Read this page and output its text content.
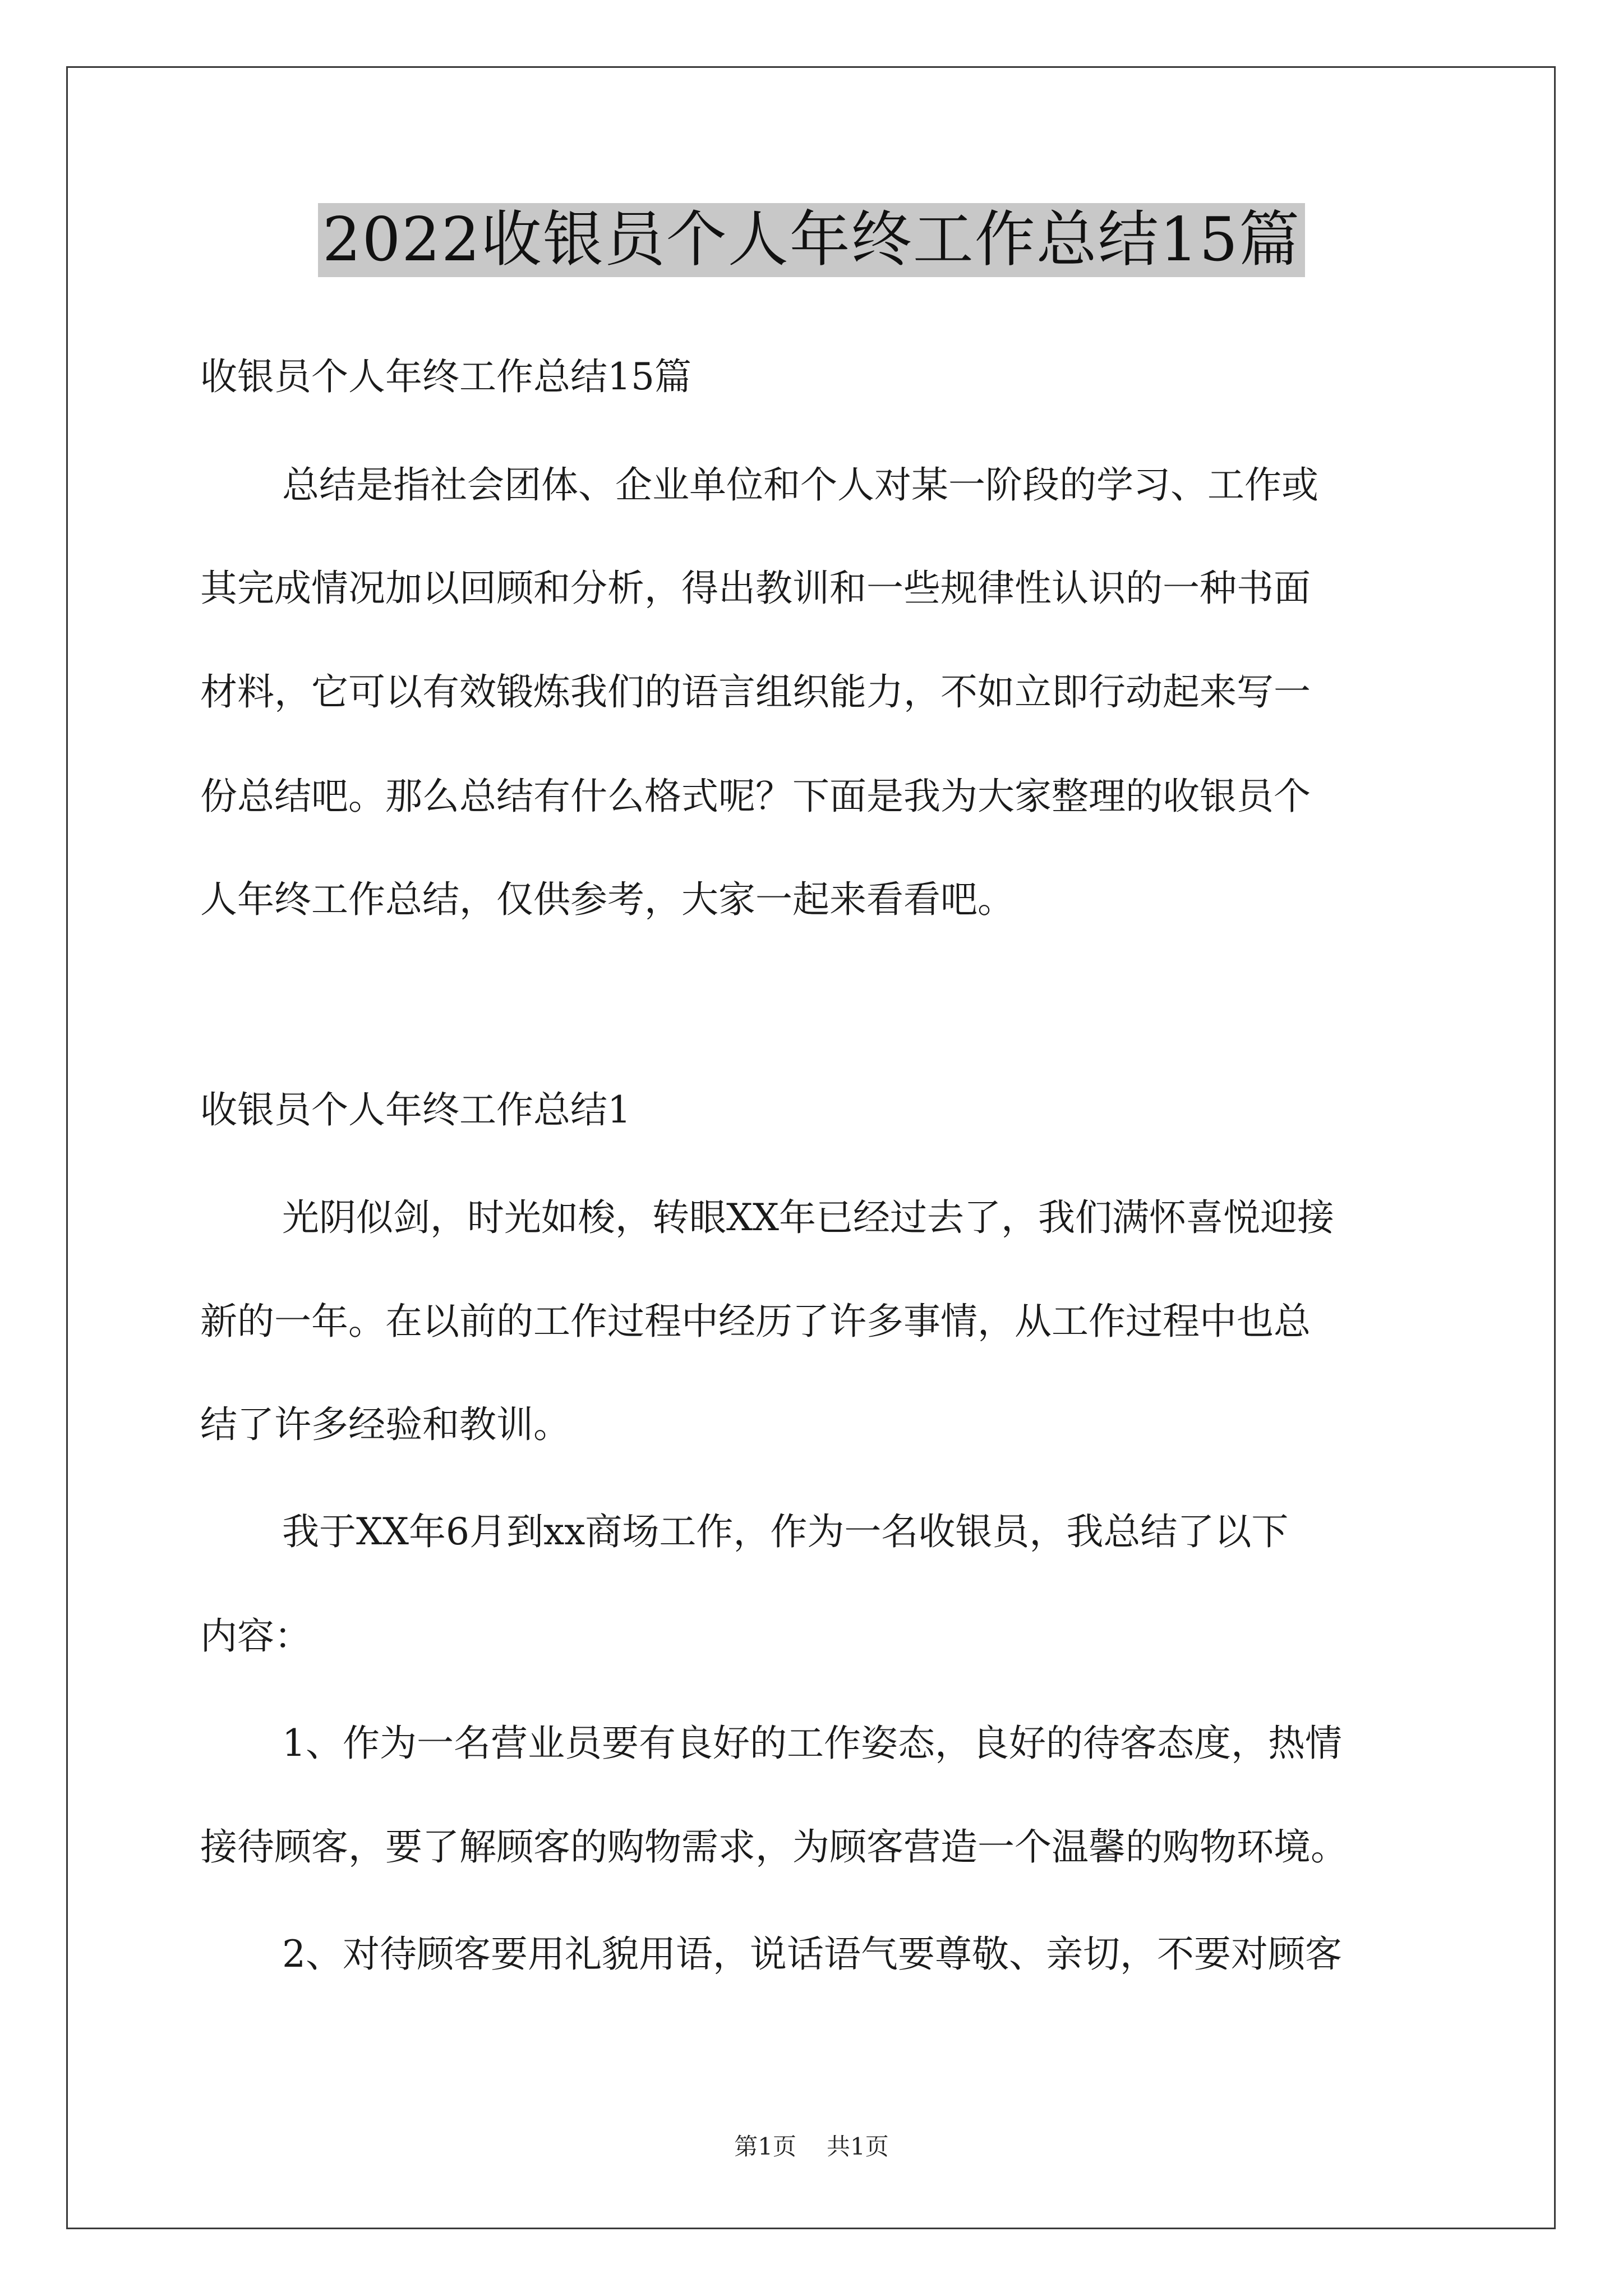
2022收银员个人年终工作总结15篇
收银员个人年终工作总结15篇
总结是指社会团体、企业单位和个人对某一阶段的学习、工作或
其完成情况加以回顾和分析，得出教训和一些规律性认识的一种书面
材料，它可以有效锻炼我们的语言组织能力，不如立即行动起来写一
份总结吧。那么总结有什么格式呢？下面是我为大家整理的收银员个
人年终工作总结，仅供参考，大家一起来看看吧。
收银员个人年终工作总结1
光阴似剑，时光如梭，转眼XX年已经过去了，我们满怀喜悦迎接
新的一年。在以前的工作过程中经历了许多事情，从工作过程中也总
结了许多经验和教训。
我于XX年6月到xx商场工作，作为一名收银员，我总结了以下
内容：
1、作为一名营业员要有良好的工作姿态，良好的待客态度，热情
接待顾客，要了解顾客的购物需求，为顾客营造一个温馨的购物环境。
2、对待顾客要用礼貌用语，说话语气要尊敬、亲切，不要对顾客
第1页 共1页
